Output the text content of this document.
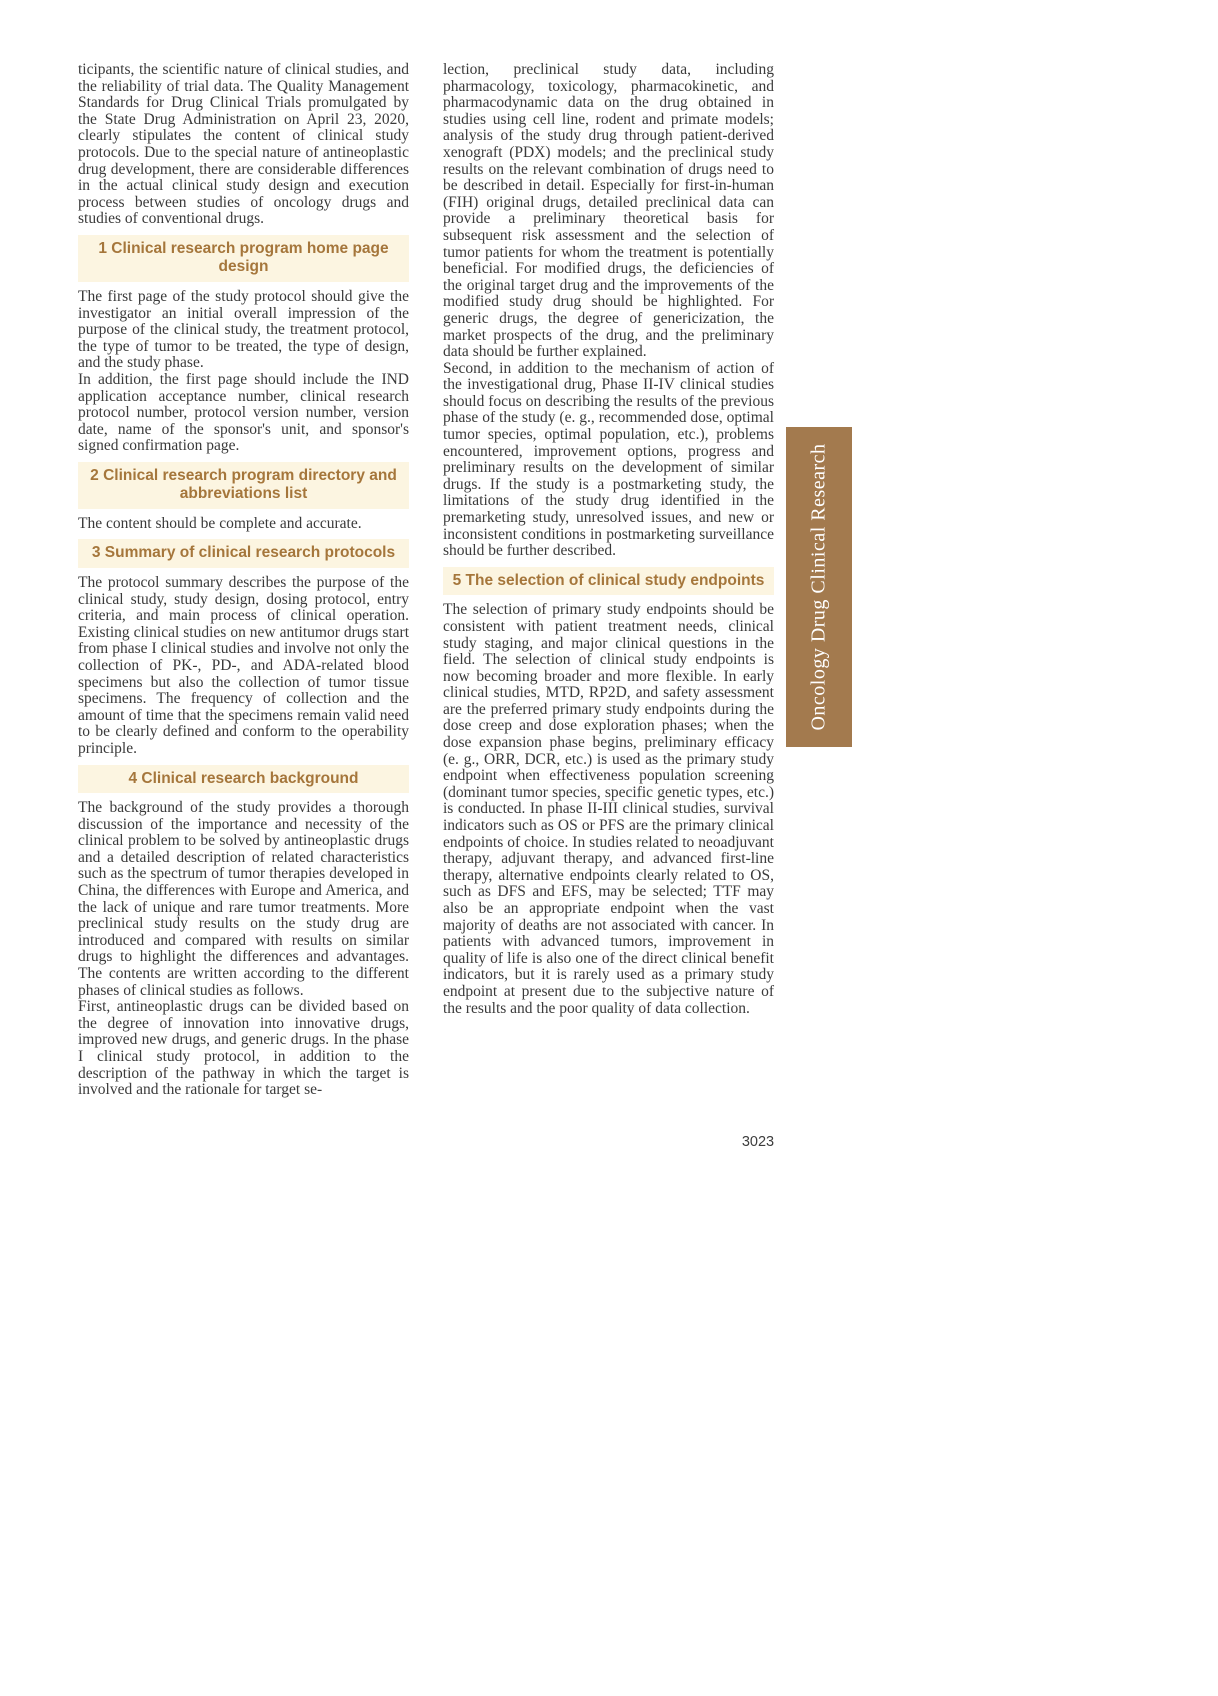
ticipants, the scientific nature of clinical studies, and the reliability of trial data. The Quality Management Standards for Drug Clinical Trials promulgated by the State Drug Administration on April 23, 2020, clearly stipulates the content of clinical study protocols. Due to the special nature of antineoplastic drug development, there are considerable differences in the actual clinical study design and execution process between studies of oncology drugs and studies of conventional drugs.

1 Clinical research program home page design

The first page of the study protocol should give the investigator an initial overall impression of the purpose of the clinical study, the treatment protocol, the type of tumor to be treated, the type of design, and the study phase.

In addition, the first page should include the IND application acceptance number, clinical research protocol number, protocol version number, version date, name of the sponsor's unit, and sponsor's signed confirmation page.

2 Clinical research program directory and abbreviations list

The content should be complete and accurate.

3 Summary of clinical research protocols

The protocol summary describes the purpose of the clinical study, study design, dosing protocol, entry criteria, and main process of clinical operation. Existing clinical studies on new antitumor drugs start from phase I clinical studies and involve not only the collection of PK-, PD-, and ADA-related blood specimens but also the collection of tumor tissue specimens. The frequency of collection and the amount of time that the specimens remain valid need to be clearly defined and conform to the operability principle.

4 Clinical research background

The background of the study provides a thorough discussion of the importance and necessity of the clinical problem to be solved by antineoplastic drugs and a detailed description of related characteristics such as the spectrum of tumor therapies developed in China, the differences with Europe and America, and the lack of unique and rare tumor treatments. More preclinical study results on the study drug are introduced and compared with results on similar drugs to highlight the differences and advantages. The contents are written according to the different phases of clinical studies as follows.

First, antineoplastic drugs can be divided based on the degree of innovation into innovative drugs, improved new drugs, and generic drugs. In the phase I clinical study protocol, in addition to the description of the pathway in which the target is involved and the rationale for target se-

lection, preclinical study data, including pharmacology, toxicology, pharmacokinetic, and pharmacodynamic data on the drug obtained in studies using cell line, rodent and primate models; analysis of the study drug through patient-derived xenograft (PDX) models; and the preclinical study results on the relevant combination of drugs need to be described in detail. Especially for first-in-human (FIH) original drugs, detailed preclinical data can provide a preliminary theoretical basis for subsequent risk assessment and the selection of tumor patients for whom the treatment is potentially beneficial. For modified drugs, the deficiencies of the original target drug and the improvements of the modified study drug should be highlighted. For generic drugs, the degree of genericization, the market prospects of the drug, and the preliminary data should be further explained.

Second, in addition to the mechanism of action of the investigational drug, Phase II-IV clinical studies should focus on describing the results of the previous phase of the study (e. g., recommended dose, optimal tumor species, optimal population, etc.), problems encountered, improvement options, progress and preliminary results on the development of similar drugs. If the study is a postmarketing study, the limitations of the study drug identified in the premarketing study, unresolved issues, and new or inconsistent conditions in postmarketing surveillance should be further described.

5 The selection of clinical study endpoints

The selection of primary study endpoints should be consistent with patient treatment needs, clinical study staging, and major clinical questions in the field. The selection of clinical study endpoints is now becoming broader and more flexible. In early clinical studies, MTD, RP2D, and safety assessment are the preferred primary study endpoints during the dose creep and dose exploration phases; when the dose expansion phase begins, preliminary efficacy (e. g., ORR, DCR, etc.) is used as the primary study endpoint when effectiveness population screening (dominant tumor species, specific genetic types, etc.) is conducted. In phase II-III clinical studies, survival indicators such as OS or PFS are the primary clinical endpoints of choice. In studies related to neoadjuvant therapy, adjuvant therapy, and advanced first-line therapy, alternative endpoints clearly related to OS, such as DFS and EFS, may be selected; TTF may also be an appropriate endpoint when the vast majority of deaths are not associated with cancer. In patients with advanced tumors, improvement in quality of life is also one of the direct clinical benefit indicators, but it is rarely used as a primary study endpoint at present due to the subjective nature of the results and the poor quality of data collection.

Oncology Drug Clinical Research
3023
